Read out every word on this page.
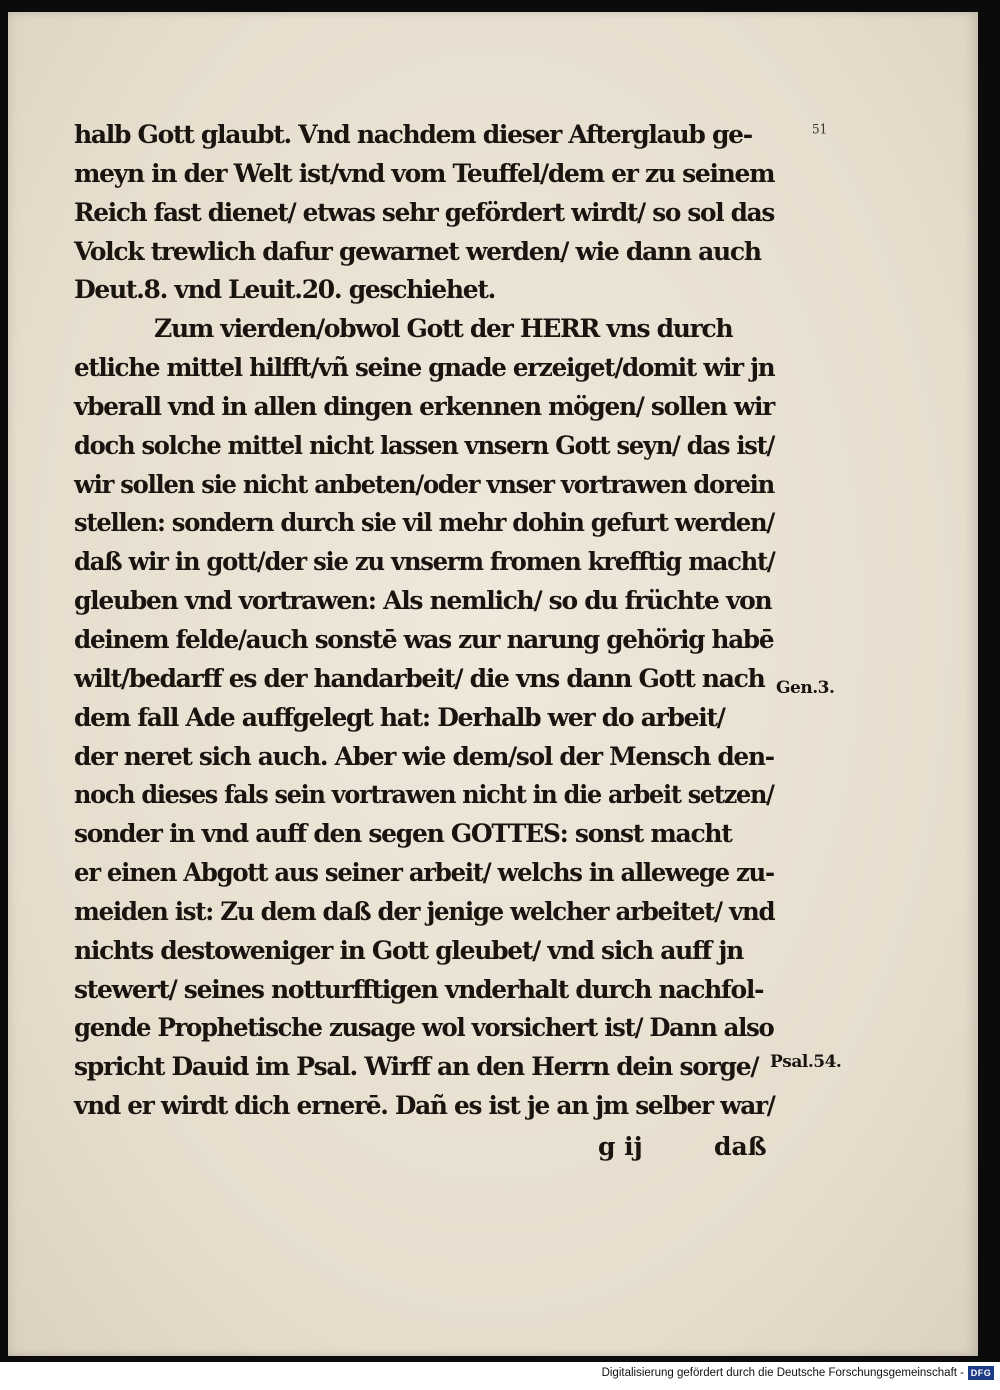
51
halb Gott glaubt. Vnd nachdem dieser Afterglaub ge-
meyn in der Welt ist/vnd vom Teuffel/dem er zu seinem
Reich fast dienet/ etwas sehr gefördert wirdt/ so sol das
Volck trewlich dafur gewarnet werden/ wie dann auch
Deut.8. vnd Leuit.20. geschiehet.
Zum vierden/obwol Gott der HERR vns durch
etliche mittel hilfft/vñ seine gnade erzeiget/domit wir jn
vberall vnd in allen dingen erkennen mögen/ sollen wir
doch solche mittel nicht lassen vnsern Gott seyn/ das ist/
wir sollen sie nicht anbeten/oder vnser vortrawen dorein
stellen: sondern durch sie vil mehr dohin gefurt werden/
daß wir in gott/der sie zu vnserm fromen krefftig macht/
gleuben vnd vortrawen: Als nemlich/ so du früchte von
deinem felde/auch sonstē was zur narung gehörig habē
wilt/bedarff es der handarbeit/ die vns dann Gott nach
dem fall Ade auffgelegt hat: Derhalb wer do arbeit/
der neret sich auch. Aber wie dem/sol der Mensch den-
noch dieses fals sein vortrawen nicht in die arbeit setzen/
sonder in vnd auff den segen GOTTES: sonst macht
er einen Abgott aus seiner arbeit/ welchs in allewege zu-
meiden ist: Zu dem daß der jenige welcher arbeitet/ vnd
nichts destoweniger in Gott gleubet/ vnd sich auff jn
stewert/ seines notturfftigen vnderhalt durch nachfol-
gende Prophetische zusage wol vorsichert ist/ Dann also
spricht Dauid im Psal. Wirff an den Herrn dein sorge/
vnd er wirdt dich ernerē. Dañ es ist je an jm selber war/
Gen.3.
Psal.54.
g ij	daß
Digitalisierung gefördert durch die Deutsche Forschungsgemeinschaft - DFG
